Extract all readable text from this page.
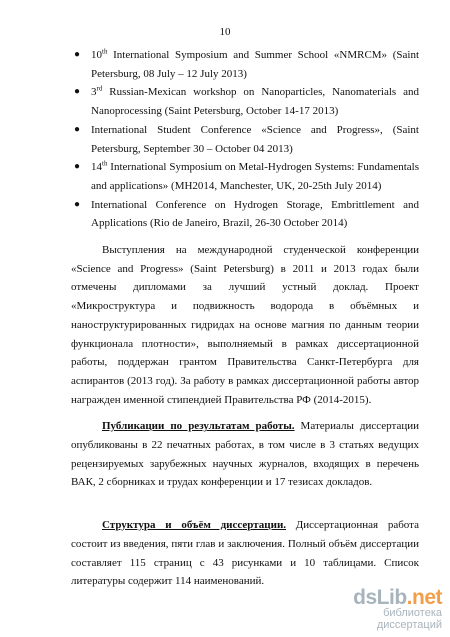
10
● 10th International Symposium and Summer School «NMRCM» (Saint Petersburg, 08 July – 12 July 2013)
● 3rd Russian-Mexican workshop on Nanoparticles, Nanomaterials and Nanoprocessing (Saint Petersburg, October 14-17 2013)
● International Student Conference «Science and Progress», (Saint Petersburg, September 30 – October 04 2013)
● 14th International Symposium on Metal-Hydrogen Systems: Fundamentals and applications» (MH2014, Manchester, UK, 20-25th July 2014)
● International Conference on Hydrogen Storage, Embrittlement and Applications (Rio de Janeiro, Brazil, 26-30 October 2014)

Выступления на международной студенческой конференции «Science and Progress» (Saint Petersburg) в 2011 и 2013 годах были отмечены дипломами за лучший устный доклад. Проект «Микроструктура и подвижность водорода в объёмных и наноструктурированных гидридах на основе магния по данным теории функционала плотности», выполняемый в рамках диссертационной работы, поддержан грантом Правительства Санкт-Петербурга для аспирантов (2013 год). За работу в рамках диссертационной работы автор награжден именной стипендией Правительства РФ (2014-2015).

Публикации по результатам работы. Материалы диссертации опубликованы в 22 печатных работах, в том числе в 3 статьях ведущих рецензируемых зарубежных научных журналов, входящих в перечень ВАК, 2 сборниках и трудах конференции и 17 тезисах докладов.

Структура и объём диссертации. Диссертационная работа состоит из введения, пяти глав и заключения. Полный объём диссертации составляет 115 страниц с 43 рисунками и 10 таблицами. Список литературы содержит 114 наименований.

dsLib.net
библиотека диссертаций
